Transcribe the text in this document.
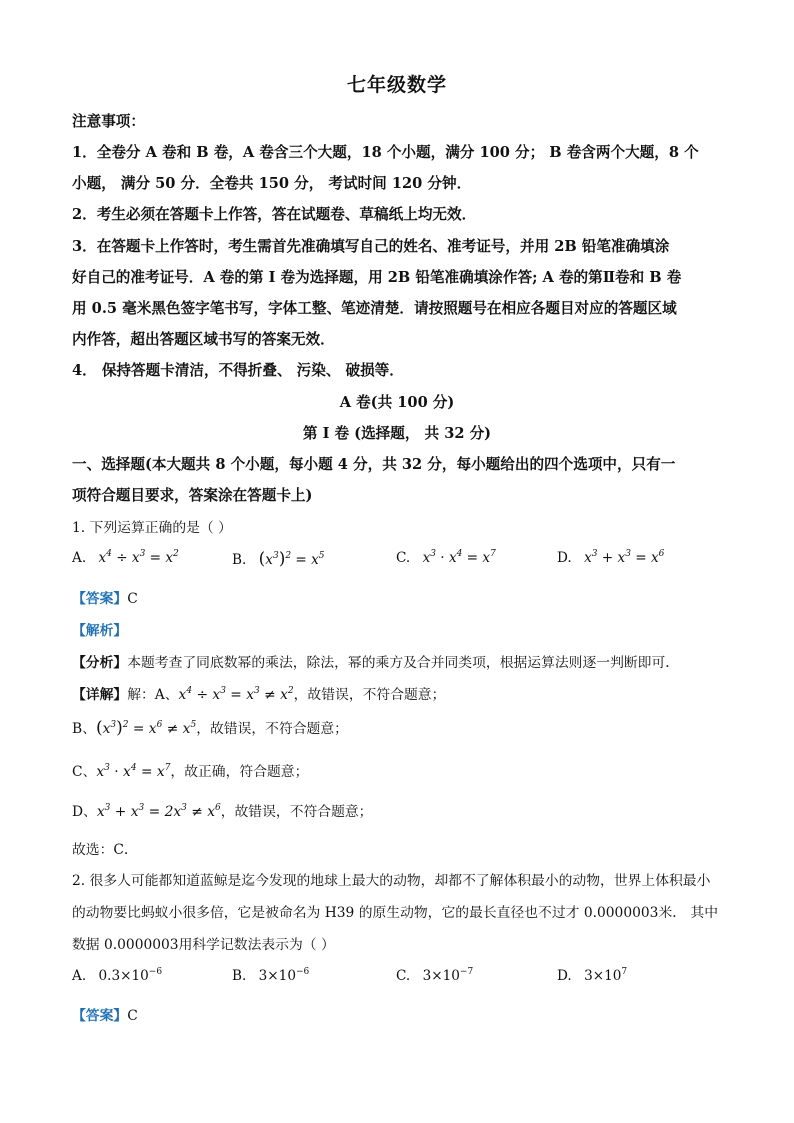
七年级数学
注意事项：
1．全卷分 A 卷和 B 卷，A 卷含三个大题，18 个小题，满分 100 分； B 卷含两个大题，8 个
小题， 满分 50 分．全卷共 150 分， 考试时间 120 分钟．
2．考生必须在答题卡上作答，答在试题卷、草稿纸上均无效．
3．在答题卡上作答时，考生需首先准确填写自己的姓名、准考证号，并用 2B 铅笔准确填涂
好自己的准考证号．A 卷的第 I 卷为选择题，用 2B 铅笔准确填涂作答; A 卷的第Ⅱ卷和 B 卷
用 0.5 毫米黑色签字笔书写，字体工整、笔迹清楚．请按照题号在相应各题目对应的答题区域
内作答，超出答题区域书写的答案无效．
4． 保持答题卡清洁，不得折叠、 污染、 破损等．
A 卷(共 100 分)
第 Ⅰ 卷 (选择题， 共 32 分)
一、选择题(本大题共 8 个小题，每小题 4 分，共 32 分，每小题给出的四个选项中，只有一
项符合题目要求，答案涂在答题卡上)
1. 下列运算正确的是（ ）
A. $x^4 \div x^3 = x^2$	B. $(x^3)^2 = x^5$	C. $x^3 \cdot x^4 = x^7$	D. $x^3 + x^3 = x^6$
【答案】C
【解析】
【分析】本题考查了同底数幂的乘法，除法，幂的乘方及合并同类项，根据运算法则逐一判断即可．
【详解】解：A、$x^4 \div x^3 = x^3 \ne x^2$，故错误，不符合题意；
B、$(x^3)^2 = x^6 \ne x^5$，故错误，不符合题意；
C、$x^3 \cdot x^4 = x^7$，故正确，符合题意；
D、$x^3 + x^3 = 2x^3 \ne x^6$，故错误，不符合题意；
故选：C．
2. 很多人可能都知道蓝鲸是迄今发现的地球上最大的动物，却都不了解体积最小的动物，世界上体积最小
的动物要比蚂蚁小很多倍，它是被命名为 H39 的原生动物，它的最长直径也不过才 0.0000003米． 其中
数据 0.0000003用科学记数法表示为（ ）
A. $0.3\times 10^{-6}$	B. $3\times 10^{-6}$	C. $3\times 10^{-7}$	D. $3\times 10^7$
【答案】C
